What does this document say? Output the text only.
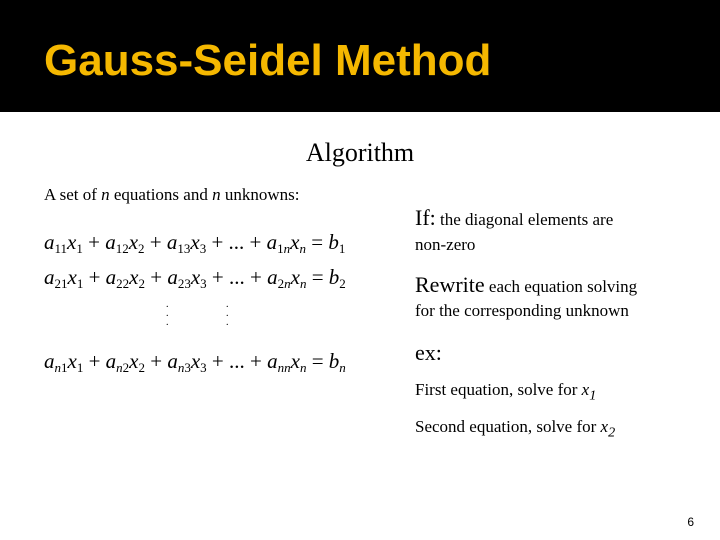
Gauss-Seidel Method
Algorithm
A set of n equations and n unknowns:
$a_{11}x_1 + a_{12}x_2 + a_{13}x_3$ + ... + $a_{1n}x_n = b_1$
$a_{21}x_1 + a_{22}x_2 + a_{23}x_3$ + ... + $a_{2n}x_n = b_2$
.
.
.
.
.
.
$a_{n1}x_1 + a_{n2}x_2 + a_{n3}x_3$ + ... + $a_{nn}x_n = b_n$
If: the diagonal elements are
non-zero
Rewrite each equation solving
for the corresponding unknown
ex:
First equation, solve for $x_1$
Second equation, solve for $x_2$
6
